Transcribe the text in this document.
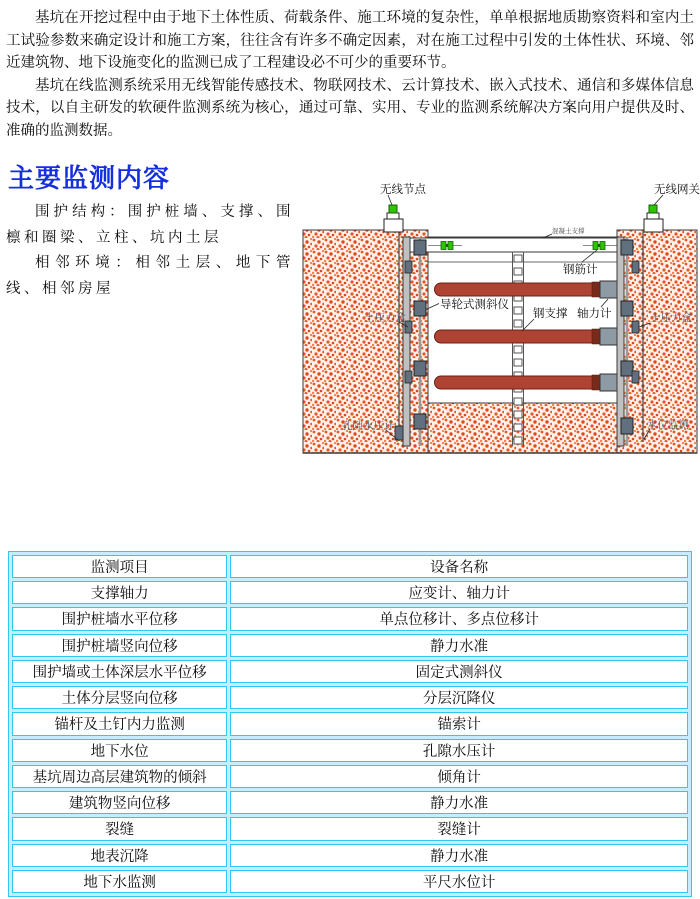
基坑在开挖过程中由于地下土体性质、荷载条件、施工环境的复杂性，单单根据地质勘察资料和室内土工试验参数来确定设计和施工方案，往往含有许多不确定因素，对在施工过程中引发的土体性状、环境、邻近建筑物、地下设施变化的监测已成了工程建设必不可少的重要环节。

基坑在线监测系统采用无线智能传感技术、物联网技术、云计算技术、嵌入式技术、通信和多媒体信息技术，以自主研发的软硬件监测系统为核心，通过可靠、实用、专业的监测系统解决方案向用户提供及时、准确的监测数据。

主要监测内容

围护结构：围护桩墙、支撑、围檩和圈梁、立柱、坑内土层

相邻环境：相邻土层、地下管线、相邻房屋

无线节点	无线网关
混凝土支撑
钢筋计
导轮式测斜仪
钢支撑 轴力计
土压力盒	土压力盒
孔隙水压计	水位监测
监测项目	设备名称
支撑轴力	应变计、轴力计
围护桩墙水平位移	单点位移计、多点位移计
围护桩墙竖向位移	静力水准
围护墙或土体深层水平位移	固定式测斜仪
土体分层竖向位移	分层沉降仪
锚杆及土钉内力监测	锚索计
地下水位	孔隙水压计
基坑周边高层建筑物的倾斜	倾角计
建筑物竖向位移	静力水准
裂缝	裂缝计
地表沉降	静力水准
地下水监测	平尺水位计
